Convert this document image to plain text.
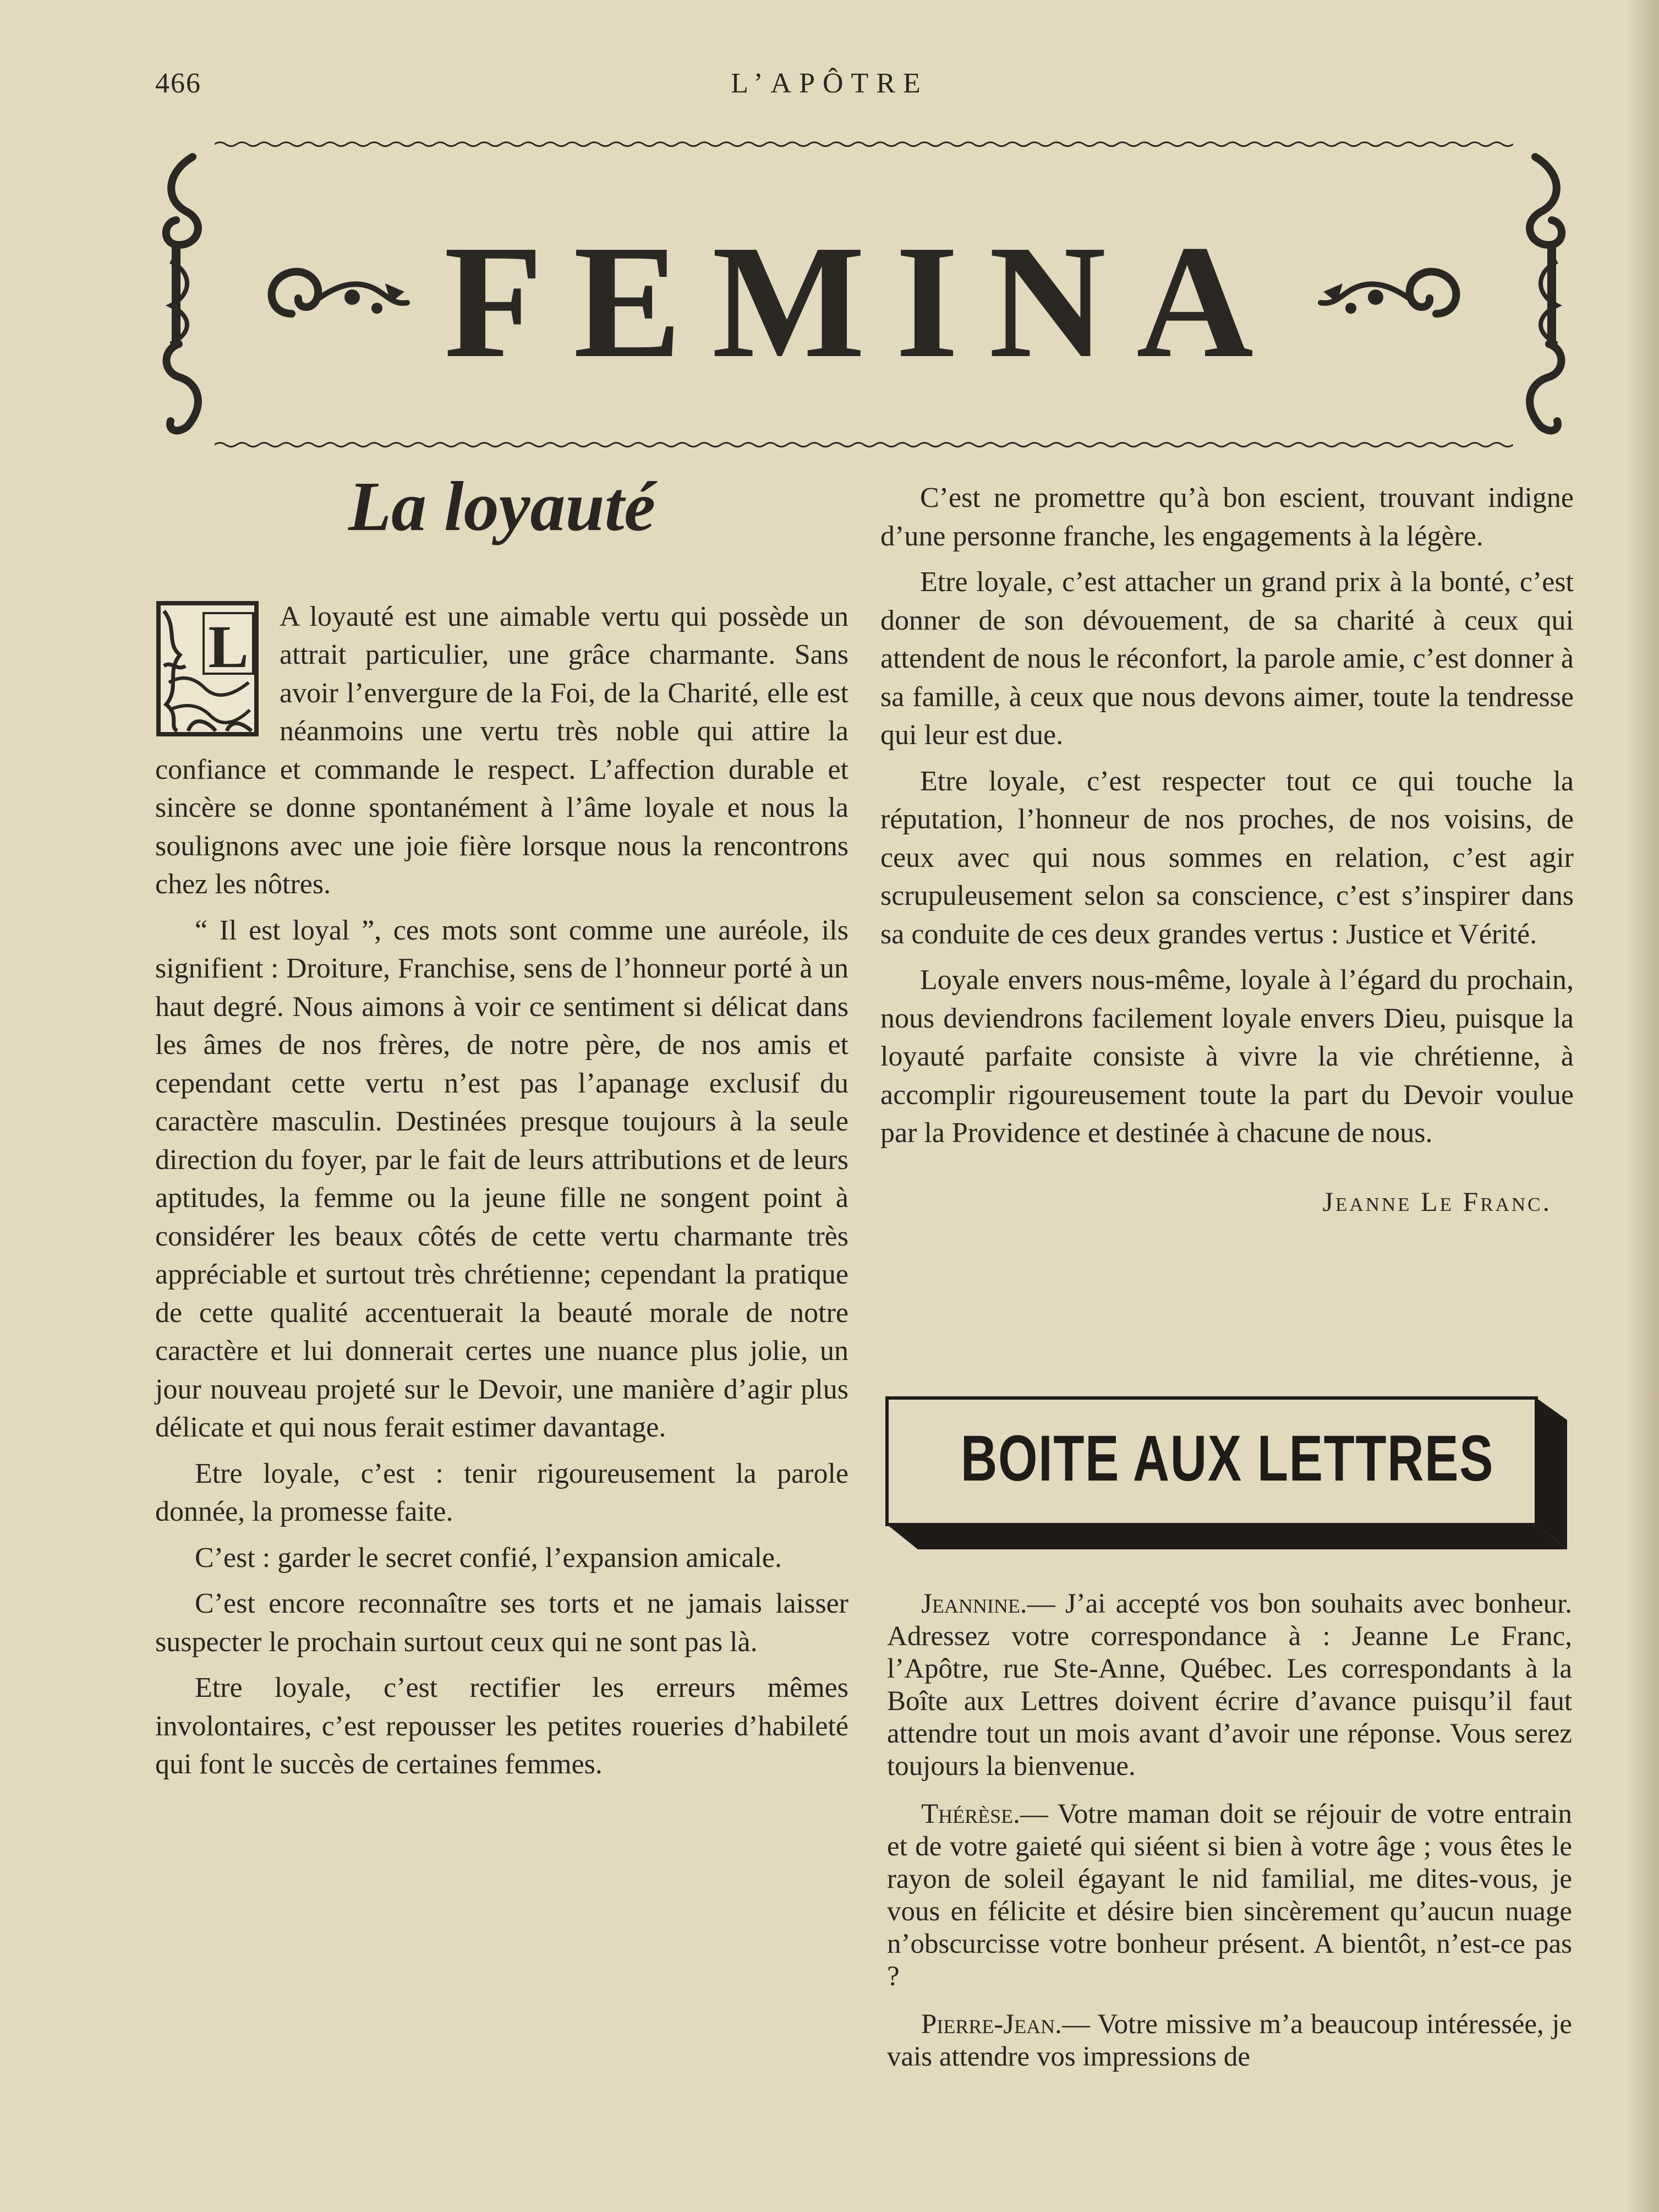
466	L’APÔTRE
FEMINA
La loyauté
L A loyauté est une aimable vertu qui possède un attrait particulier, une grâce charmante. Sans avoir l’envergure de la Foi, de la Charité, elle est néanmoins une vertu très noble qui attire la confiance et commande le respect. L’affection durable et sincère se donne spontanément à l’âme loyale et nous la soulignons avec une joie fière lorsque nous la rencontrons chez les nôtres.

“ Il est loyal ”, ces mots sont comme une auréole, ils signifient : Droiture, Franchise, sens de l’honneur porté à un haut degré. Nous aimons à voir ce sentiment si délicat dans les âmes de nos frères, de notre père, de nos amis et cependant cette vertu n’est pas l’apanage exclusif du caractère masculin. Destinées presque toujours à la seule direction du foyer, par le fait de leurs attributions et de leurs aptitudes, la femme ou la jeune fille ne songent point à considérer les beaux côtés de cette vertu charmante très appréciable et surtout très chrétienne; cependant la pratique de cette qualité accentuerait la beauté morale de notre caractère et lui donnerait certes une nuance plus jolie, un jour nouveau projeté sur le Devoir, une manière d’agir plus délicate et qui nous ferait estimer davantage.

Etre loyale, c’est : tenir rigoureusement la parole donnée, la promesse faite.

C’est : garder le secret confié, l’expansion amicale.

C’est encore reconnaître ses torts et ne jamais laisser suspecter le prochain surtout ceux qui ne sont pas là.

Etre loyale, c’est rectifier les erreurs mêmes involontaires, c’est repousser les petites roueries d’habileté qui font le succès de certaines femmes.

C’est ne promettre qu’à bon escient, trouvant indigne d’une personne franche, les engagements à la légère.

Etre loyale, c’est attacher un grand prix à la bonté, c’est donner de son dévouement, de sa charité à ceux qui attendent de nous le réconfort, la parole amie, c’est donner à sa famille, à ceux que nous devons aimer, toute la tendresse qui leur est due.

Etre loyale, c’est respecter tout ce qui touche la réputation, l’honneur de nos proches, de nos voisins, de ceux avec qui nous sommes en relation, c’est agir scrupuleusement selon sa conscience, c’est s’inspirer dans sa conduite de ces deux grandes vertus : Justice et Vérité.

Loyale envers nous-même, loyale à l’égard du prochain, nous deviendrons facilement loyale envers Dieu, puisque la loyauté parfaite consiste à vivre la vie chrétienne, à accomplir rigoureusement toute la part du Devoir voulue par la Providence et destinée à chacune de nous.

Jeanne Le Franc.
BOITE AUX LETTRES

Jeannine.— J’ai accepté vos bon souhaits avec bonheur. Adressez votre correspondance à : Jeanne Le Franc, l’Apôtre, rue Ste-Anne, Québec. Les correspondants à la Boîte aux Lettres doivent écrire d’avance puisqu’il faut attendre tout un mois avant d’avoir une réponse. Vous serez toujours la bienvenue.

Thérèse.— Votre maman doit se réjouir de votre entrain et de votre gaieté qui siéent si bien à votre âge ; vous êtes le rayon de soleil égayant le nid familial, me dites-vous, je vous en félicite et désire bien sincèrement qu’aucun nuage n’obscurcisse votre bonheur présent. A bientôt, n’est-ce pas ?

Pierre-Jean.— Votre missive m’a beaucoup intéressée, je vais attendre vos impressions de
